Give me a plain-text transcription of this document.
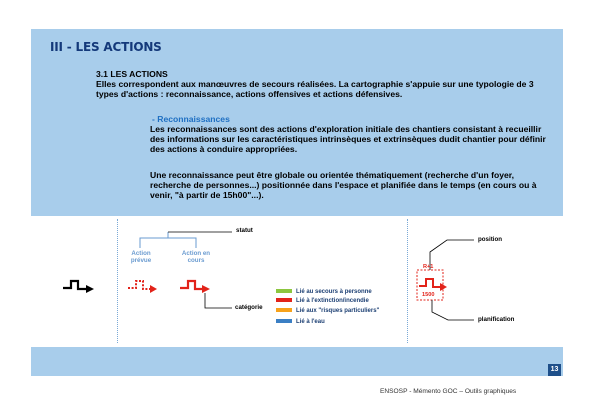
III - LES ACTIONS
3.1 LES ACTIONS
Elles correspondent aux manœuvres de secours réalisées. La cartographie s'appuie sur une typologie de 3 types d'actions : reconnaissance, actions offensives et actions défensives.
- Reconnaissances
Les reconnaissances sont des actions d'exploration initiale des chantiers consistant à recueillir des informations sur les caractéristiques intrinsèques et extrinsèques dudit chantier pour définir des actions à conduire appropriées.
Une reconnaissance peut être globale ou orientée thématiquement (recherche d'un foyer, recherche de personnes...) positionnée dans l'espace et planifiée dans le temps (en cours ou à venir, "à partir de 15h00"...).
statut
Action prévue
Action en cours
catégorie
position
planification
R+1
1500
Lié au secours à personne
Lié à l'extinction/incendie
Lié aux "risques particuliers"
Lié à l'eau
13
ENSOSP - Mémento GOC – Outils graphiques
